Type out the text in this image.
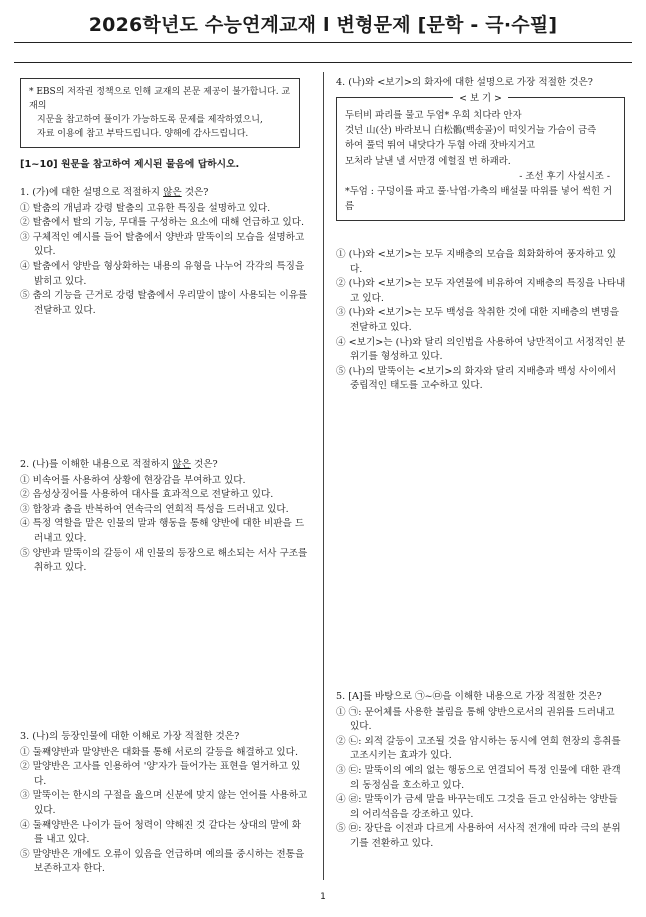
2026학년도 수능연계교재 l 변형문제 [문학 - 극·수필]
* EBS의 저작권 정책으로 인해 교재의 본문 제공이 불가합니다. 교재의
지문을 참고하여 풀이가 가능하도록 문제를 제작하였으니,
자료 이용에 참고 부탁드립니다. 양해에 감사드립니다.
[1~10] 원문을 참고하여 제시된 물음에 답하시오.
1. (가)에 대한 설명으로 적절하지 않은 것은?
① 탈춤의 개념과 강령 탈춤의 고유한 특징을 설명하고 있다.
② 탈춤에서 탈의 기능, 무대를 구성하는 요소에 대해 언급하고 있다.
③ 구체적인 예시를 들어 탈춤에서 양반과 말뚝이의 모습을 설명하고 있다.
④ 탈춤에서 양반을 형상화하는 내용의 유형을 나누어 각각의 특징을 밝히고 있다.
⑤ 춤의 기능을 근거로 강령 탈춤에서 우리말이 많이 사용되는 이유를 전달하고 있다.
2. (나)를 이해한 내용으로 적절하지 않은 것은?
① 비속어를 사용하여 상황에 현장감을 부여하고 있다.
② 음성상징어를 사용하여 대사를 효과적으로 전달하고 있다.
③ 합창과 춤을 반복하여 연속극의 연희적 특성을 드러내고 있다.
④ 특정 역할을 맡은 인물의 말과 행동을 통해 양반에 대한 비판을 드러내고 있다.
⑤ 양반과 말뚝이의 갈등이 새 인물의 등장으로 해소되는 서사 구조를 취하고 있다.
3. (나)의 등장인물에 대한 이해로 가장 적절한 것은?
① 둘째양반과 말양반은 대화를 통해 서로의 갈등을 해결하고 있다.
② 말양반은 고사를 인용하여 '양'자가 들어가는 표현을 열거하고 있다.
③ 말뚝이는 한시의 구절을 읊으며 신분에 맞지 않는 언어를 사용하고 있다.
④ 둘째양반은 나이가 들어 청력이 약해진 것 같다는 상대의 말에 화를 내고 있다.
⑤ 말양반은 개에도 오류이 있음을 언급하며 예의를 중시하는 전통을 보존하고자 한다.
4. (나)와 <보기>의 화자에 대한 설명으로 가장 적절한 것은?
< 보 기 >
두터비 파리를 물고 두엄* 우희 치다라 안자
것넌 山(산) 바라보니 白松鶻(백송골)이 떠잇거늘 가슴이 금즉
하여 풀덕 뛰여 내닷다가 두혐 아래 잣바지거고
모처라 날낸 낼 서만경 에헐질 번 하괘라.
- 조선 후기 사설시조 -
*두엄 : 구덩이를 파고 풀·낙엽·가축의 배설물 따위를 넣어 썩힌 거름
① (나)와 <보기>는 모두 지배층의 모습을 희화화하여 풍자하고 있다.
② (나)와 <보기>는 모두 자연물에 비유하여 지배층의 특징을 나타내고 있다.
③ (나)와 <보기>는 모두 백성을 착취한 것에 대한 지배층의 변명을 전달하고 있다.
④ <보기>는 (나)와 달리 의인법을 사용하여 낭만적이고 서정적인 분위기를 형성하고 있다.
⑤ (나)의 말뚝이는 <보기>의 화자와 달리 지배층과 백성 사이에서 중립적인 태도를 고수하고 있다.
5. [A]를 바탕으로 ㉠~㉤을 이해한 내용으로 가장 적절한 것은?
① ㉠: 문어체를 사용한 불림을 통해 양반으로서의 권위를 드러내고 있다.
② ㉡: 외적 갈등이 고조될 것을 암시하는 동시에 연희 현장의 흥취를 고조시키는 효과가 있다.
③ ㉢: 말뚝이의 예의 없는 행동으로 연결되어 특정 인물에 대한 관객의 동정심을 호소하고 있다.
④ ㉣: 말뚝이가 금세 말을 바꾸는데도 그것을 듣고 안심하는 양반들의 어리석음을 강조하고 있다.
⑤ ㉤: 장단을 이전과 다르게 사용하여 서사적 전개에 따라 극의 분위기를 전환하고 있다.
1
